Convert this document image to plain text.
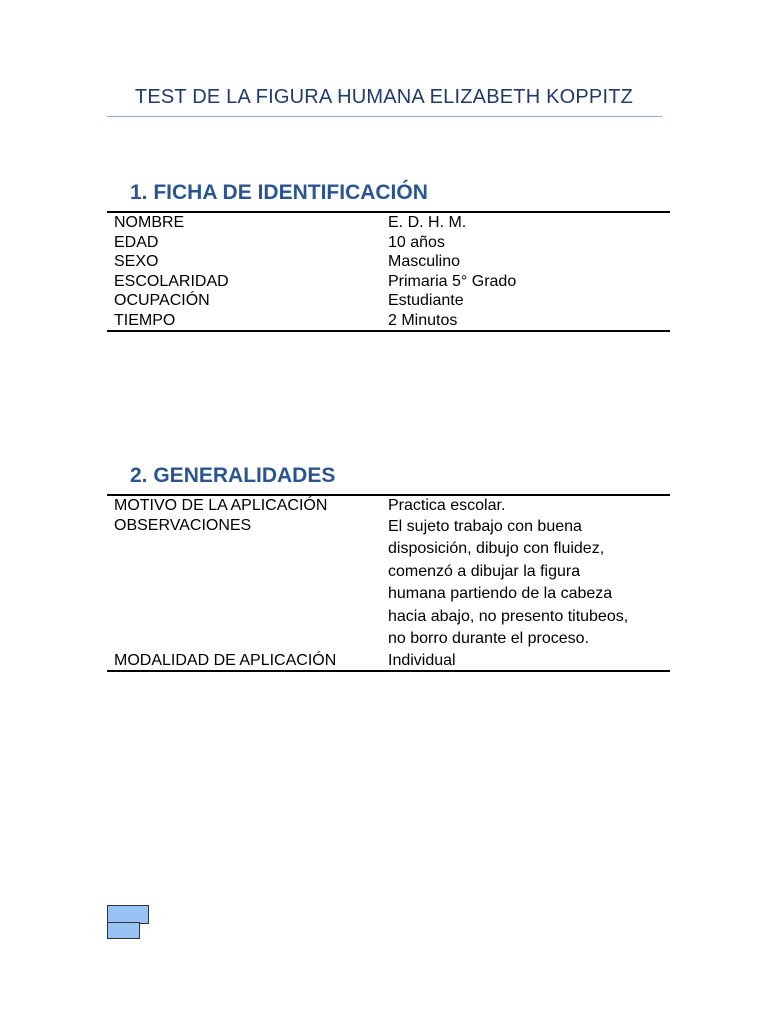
TEST DE LA FIGURA HUMANA ELIZABETH KOPPITZ
1. FICHA DE IDENTIFICACIÓN
NOMBRE	E. D. H. M.
EDAD	10 años
SEXO	Masculino
ESCOLARIDAD	Primaria 5° Grado
OCUPACIÓN	Estudiante
TIEMPO	2 Minutos
2. GENERALIDADES
MOTIVO DE LA APLICACIÓN	Practica escolar.
OBSERVACIONES	El sujeto trabajo con buena
disposición, dibujo con fluidez,
comenzó a dibujar la figura
humana partiendo de la cabeza
hacia abajo, no presento titubeos,
no borro durante el proceso.
MODALIDAD DE APLICACIÓN	Individual
